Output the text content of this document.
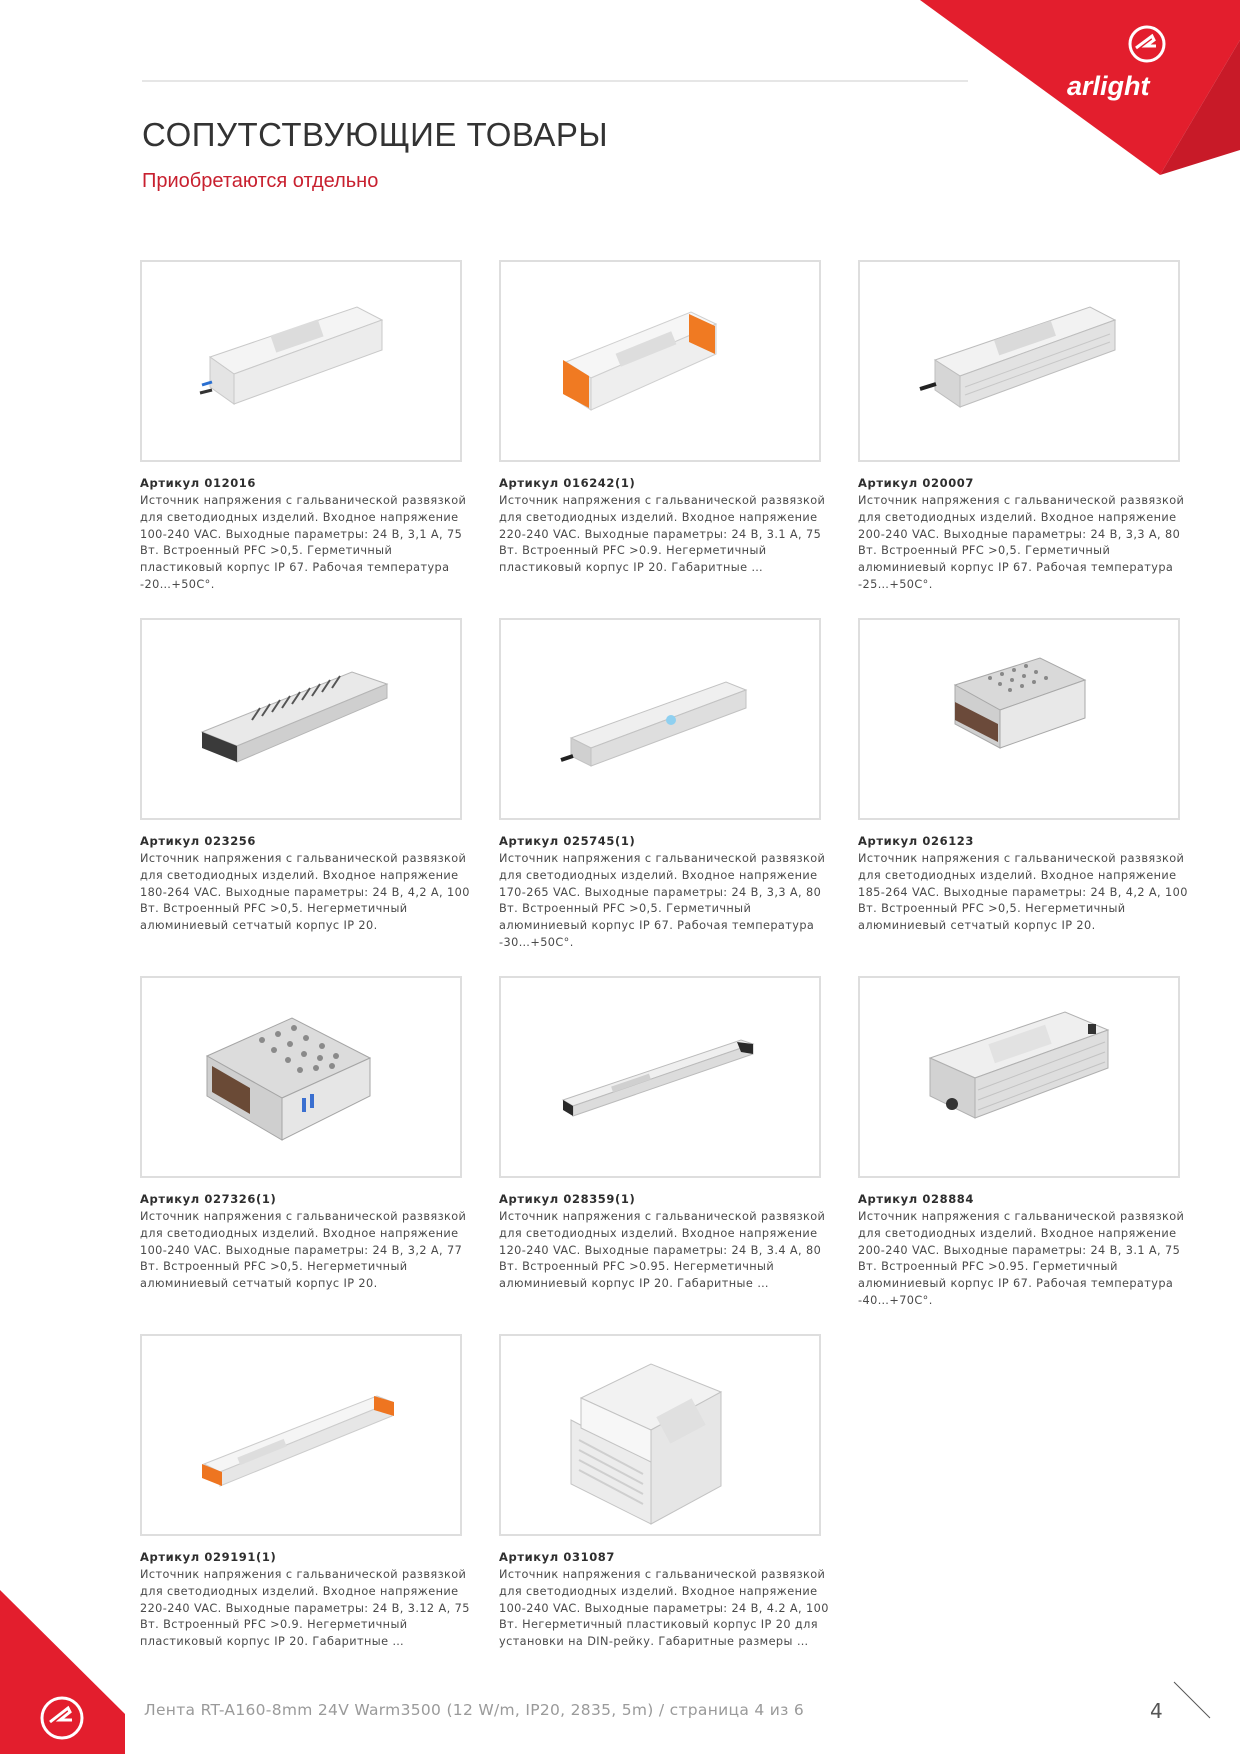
СОПУТСТВУЮЩИЕ ТОВАРЫ

Приобретаются отдельно

arlight
Артикул 012016

Источник напряжения с гальванической развязкой для светодиодных изделий. Входное напряжение 100-240 VAC. Выходные параметры: 24 В, 3,1 А, 75 Вт. Встроенный PFC >0,5. Герметичный пластиковый корпус IP 67. Рабочая температура -20…+50С°.

Артикул 016242(1)

Источник напряжения с гальванической развязкой для светодиодных изделий. Входное напряжение 220-240 VAC. Выходные параметры: 24 В, 3.1 А, 75 Вт. Встроенный PFC >0.9. Негерметичный пластиковый корпус IP 20. Габаритные …

Артикул 020007

Источник напряжения с гальванической развязкой для светодиодных изделий. Входное напряжение 200-240 VAC. Выходные параметры: 24 В, 3,3 А, 80 Вт. Встроенный PFC >0,5. Герметичный алюминиевый корпус IP 67. Рабочая температура -25…+50С°.

Артикул 023256

Источник напряжения с гальванической развязкой для светодиодных изделий. Входное напряжение 180-264 VAC. Выходные параметры: 24 В, 4,2 А, 100 Вт. Встроенный PFC >0,5. Негерметичный алюминиевый сетчатый корпус IP 20.

Артикул 025745(1)

Источник напряжения с гальванической развязкой для светодиодных изделий. Входное напряжение 170-265 VAC. Выходные параметры: 24 В, 3,3 А, 80 Вт. Встроенный PFC >0,5. Герметичный алюминиевый корпус IP 67. Рабочая температура -30…+50С°.

Артикул 026123

Источник напряжения с гальванической развязкой для светодиодных изделий. Входное напряжение 185-264 VAC. Выходные параметры: 24 В, 4,2 А, 100 Вт. Встроенный PFC >0,5. Негерметичный алюминиевый сетчатый корпус IP 20.

Артикул 027326(1)

Источник напряжения с гальванической развязкой для светодиодных изделий. Входное напряжение 100-240 VAC. Выходные параметры: 24 В, 3,2 А, 77 Вт. Встроенный PFC >0,5. Негерметичный алюминиевый сетчатый корпус IP 20.

Артикул 028359(1)

Источник напряжения с гальванической развязкой для светодиодных изделий. Входное напряжение 120-240 VAC. Выходные параметры: 24 В, 3.4 А, 80 Вт. Встроенный PFC >0.95. Негерметичный алюминиевый корпус IP 20. Габаритные …

Артикул 028884

Источник напряжения с гальванической развязкой для светодиодных изделий. Входное напряжение 200-240 VAC. Выходные параметры: 24 В, 3.1 А, 75 Вт. Встроенный PFC >0.95. Герметичный алюминиевый корпус IP 67. Рабочая температура -40…+70С°.

Артикул 029191(1)

Источник напряжения с гальванической развязкой для светодиодных изделий. Входное напряжение 220-240 VAC. Выходные параметры: 24 В, 3.12 А, 75 Вт. Встроенный PFC >0.9. Негерметичный пластиковый корпус IP 20. Габаритные …

Артикул 031087

Источник напряжения с гальванической развязкой для светодиодных изделий. Входное напряжение 100-240 VAC. Выходные параметры: 24 В, 4.2 А, 100 Вт. Негерметичный пластиковый корпус IP 20 для установки на DIN-рейку. Габаритные размеры …

Лента RT-A160-8mm 24V Warm3500 (12 W/m, IP20, 2835, 5m) / страница 4 из 6	4
